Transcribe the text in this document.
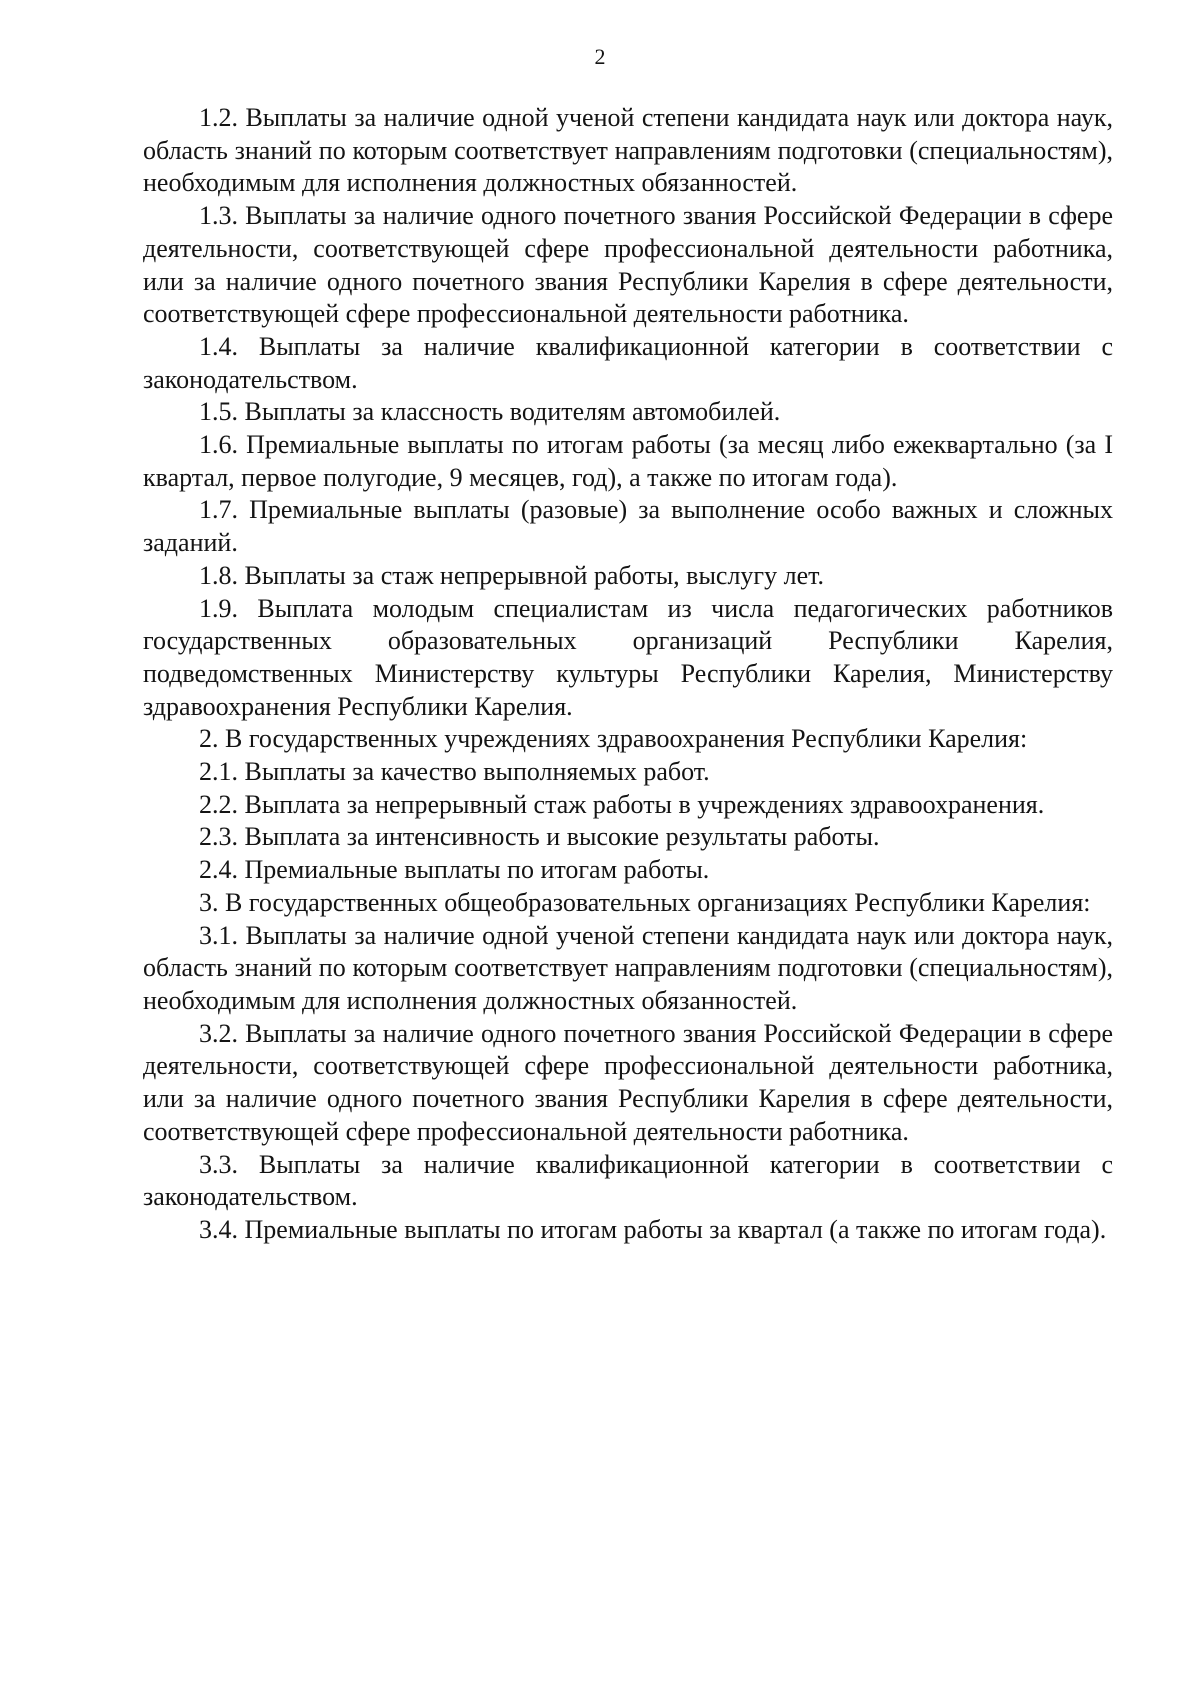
2

1.2. Выплаты за наличие одной ученой степени кандидата наук или доктора наук, область знаний по которым соответствует направлениям подготовки (специальностям), необходимым для исполнения должностных обязанностей.

1.3. Выплаты за наличие одного почетного звания Российской Федерации в сфере деятельности, соответствующей сфере профессиональной деятельности работника, или за наличие одного почетного звания Республики Карелия в сфере деятельности, соответствующей сфере профессиональной деятельности работника.

1.4. Выплаты за наличие квалификационной категории в соответствии с законодательством.

1.5. Выплаты за классность водителям автомобилей.

1.6. Премиальные выплаты по итогам работы (за месяц либо ежеквартально (за I квартал, первое полугодие, 9 месяцев, год), а также по итогам года).

1.7. Премиальные выплаты (разовые) за выполнение особо важных и сложных заданий.

1.8. Выплаты за стаж непрерывной работы, выслугу лет.

1.9. Выплата молодым специалистам из числа педагогических работников государственных образовательных организаций Республики Карелия, подведомственных Министерству культуры Республики Карелия, Министерству здравоохранения Республики Карелия.

2. В государственных учреждениях здравоохранения Республики Карелия:

2.1. Выплаты за качество выполняемых работ.

2.2. Выплата за непрерывный стаж работы в учреждениях здравоохранения.

2.3. Выплата за интенсивность и высокие результаты работы.

2.4. Премиальные выплаты по итогам работы.

3. В государственных общеобразовательных организациях Республики Карелия:

3.1. Выплаты за наличие одной ученой степени кандидата наук или доктора наук, область знаний по которым соответствует направлениям подготовки (специальностям), необходимым для исполнения должностных обязанностей.

3.2. Выплаты за наличие одного почетного звания Российской Федерации в сфере деятельности, соответствующей сфере профессиональной деятельности работника, или за наличие одного почетного звания Республики Карелия в сфере деятельности, соответствующей сфере профессиональной деятельности работника.

3.3. Выплаты за наличие квалификационной категории в соответствии с законодательством.

3.4. Премиальные выплаты по итогам работы за квартал (а также по итогам года).
